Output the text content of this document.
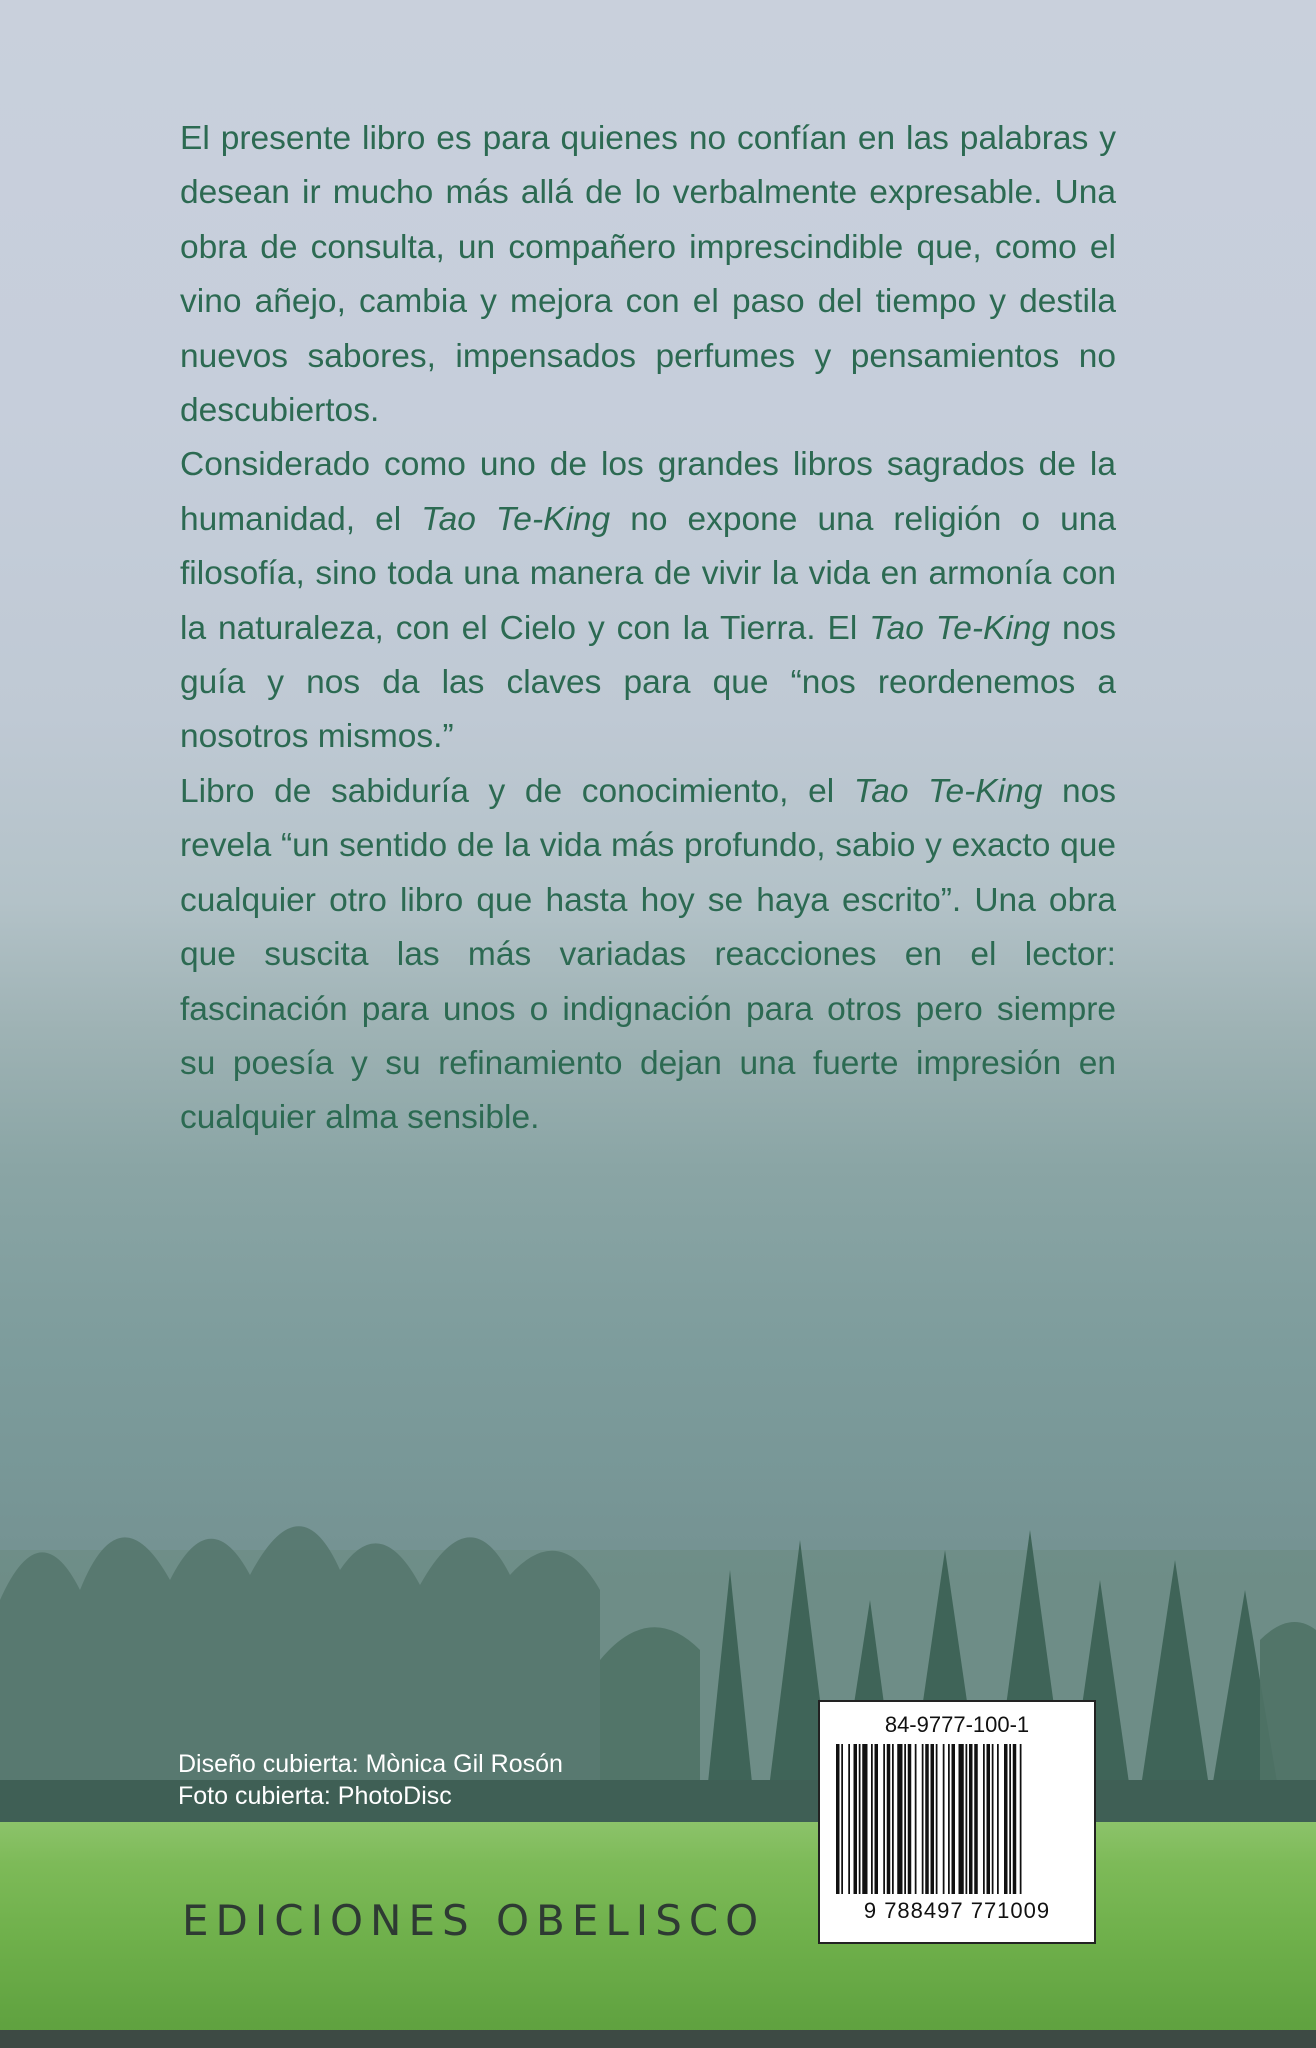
El presente libro es para quienes no confían en las palabras y desean ir mucho más allá de lo verbalmente expresable. Una obra de consulta, un compañero imprescindible que, como el vino añejo, cambia y mejora con el paso del tiempo y destila nuevos sabores, impensados perfumes y pensamientos no descubiertos.

Considerado como uno de los grandes libros sagrados de la humanidad, el Tao Te-King no expone una religión o una filosofía, sino toda una manera de vivir la vida en armonía con la naturaleza, con el Cielo y con la Tierra. El Tao Te-King nos guía y nos da las claves para que “nos reordenemos a nosotros mismos.”

Libro de sabiduría y de conocimiento, el Tao Te-King nos revela “un sentido de la vida más profundo, sabio y exacto que cualquier otro libro que hasta hoy se haya escrito”. Una obra que suscita las más variadas reacciones en el lector: fascinación para unos o indignación para otros pero siempre su poesía y su refinamiento dejan una fuerte impresión en cualquier alma sensible.

Diseño cubierta: Mònica Gil Rosón
Foto cubierta: PhotoDisc
EDICIONES OBELISCO
84-9777-100-1
9 788497 771009
